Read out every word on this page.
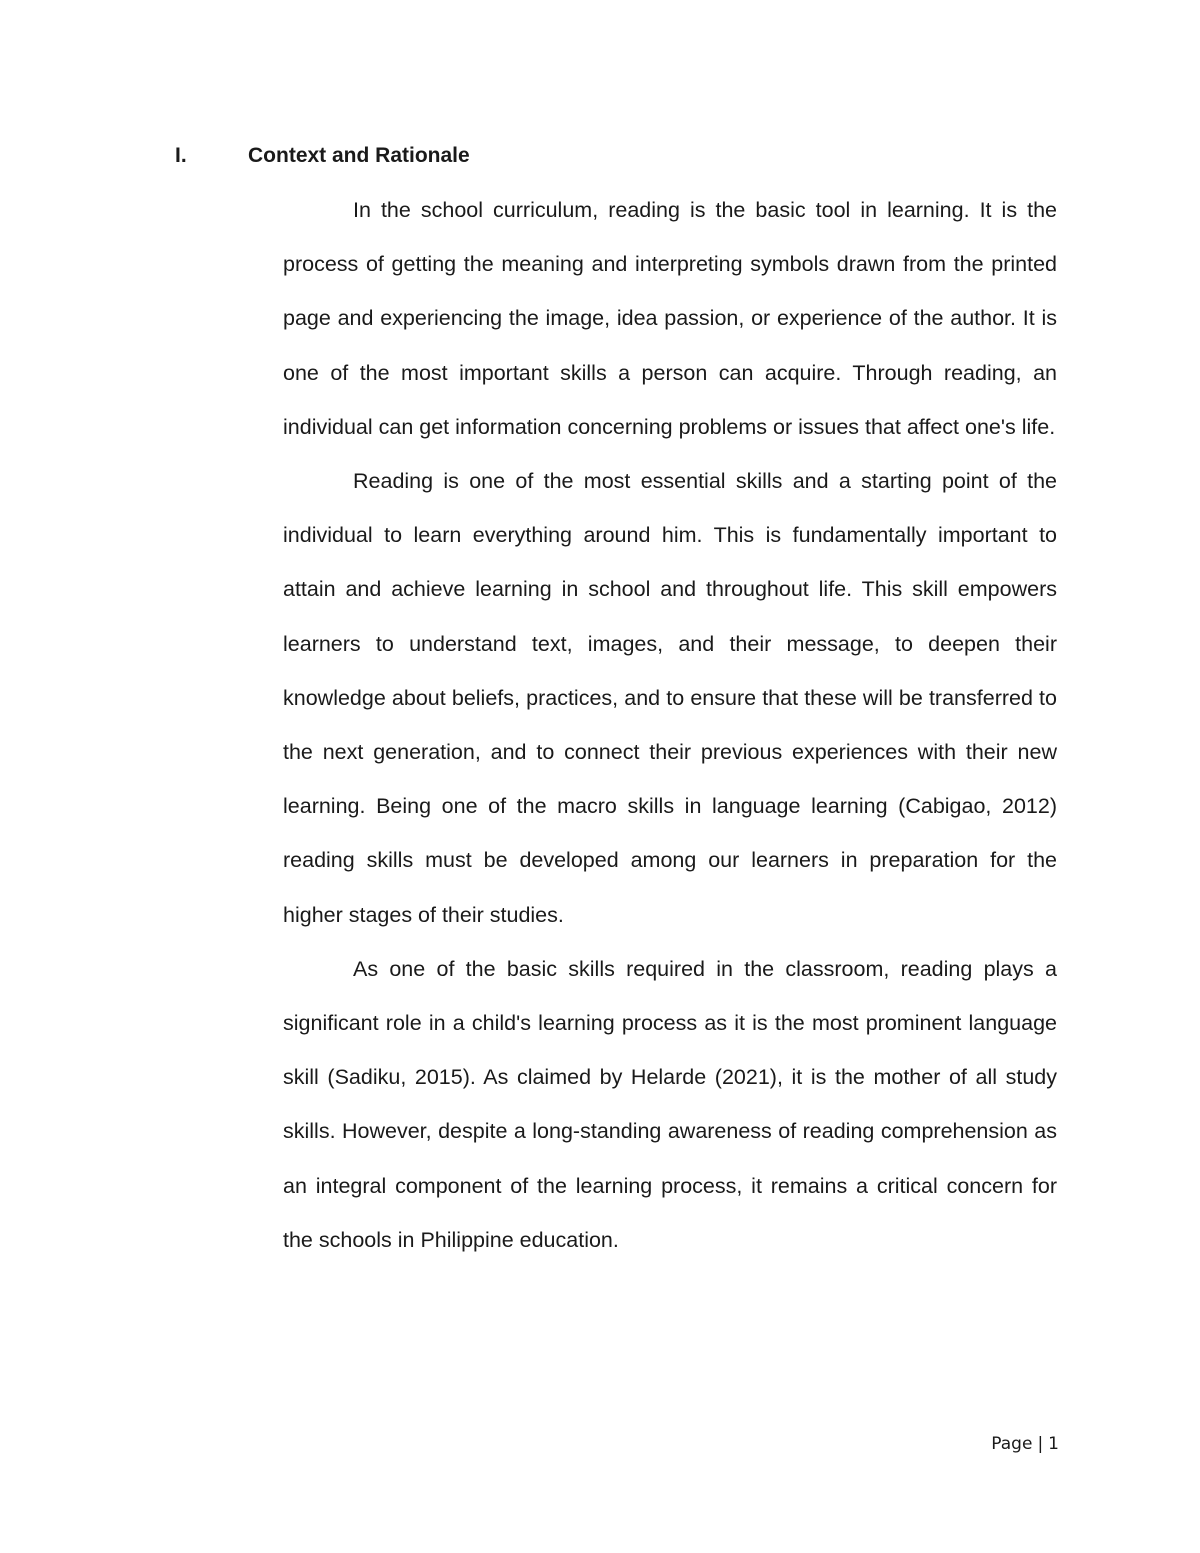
I.	Context and Rationale

In the school curriculum, reading is the basic tool in learning. It is the process of getting the meaning and interpreting symbols drawn from the printed page and experiencing the image, idea passion, or experience of the author. It is one of the most important skills a person can acquire. Through reading, an individual can get information concerning problems or issues that affect one's life.

Reading is one of the most essential skills and a starting point of the individual to learn everything around him. This is fundamentally important to attain and achieve learning in school and throughout life. This skill empowers learners to understand text, images, and their message, to deepen their knowledge about beliefs, practices, and to ensure that these will be transferred to the next generation, and to connect their previous experiences with their new learning. Being one of the macro skills in language learning (Cabigao, 2012) reading skills must be developed among our learners in preparation for the higher stages of their studies.

As one of the basic skills required in the classroom, reading plays a significant role in a child's learning process as it is the most prominent language skill (Sadiku, 2015). As claimed by Helarde (2021), it is the mother of all study skills. However, despite a long-standing awareness of reading comprehension as an integral component of the learning process, it remains a critical concern for the schools in Philippine education.

Page | 1
